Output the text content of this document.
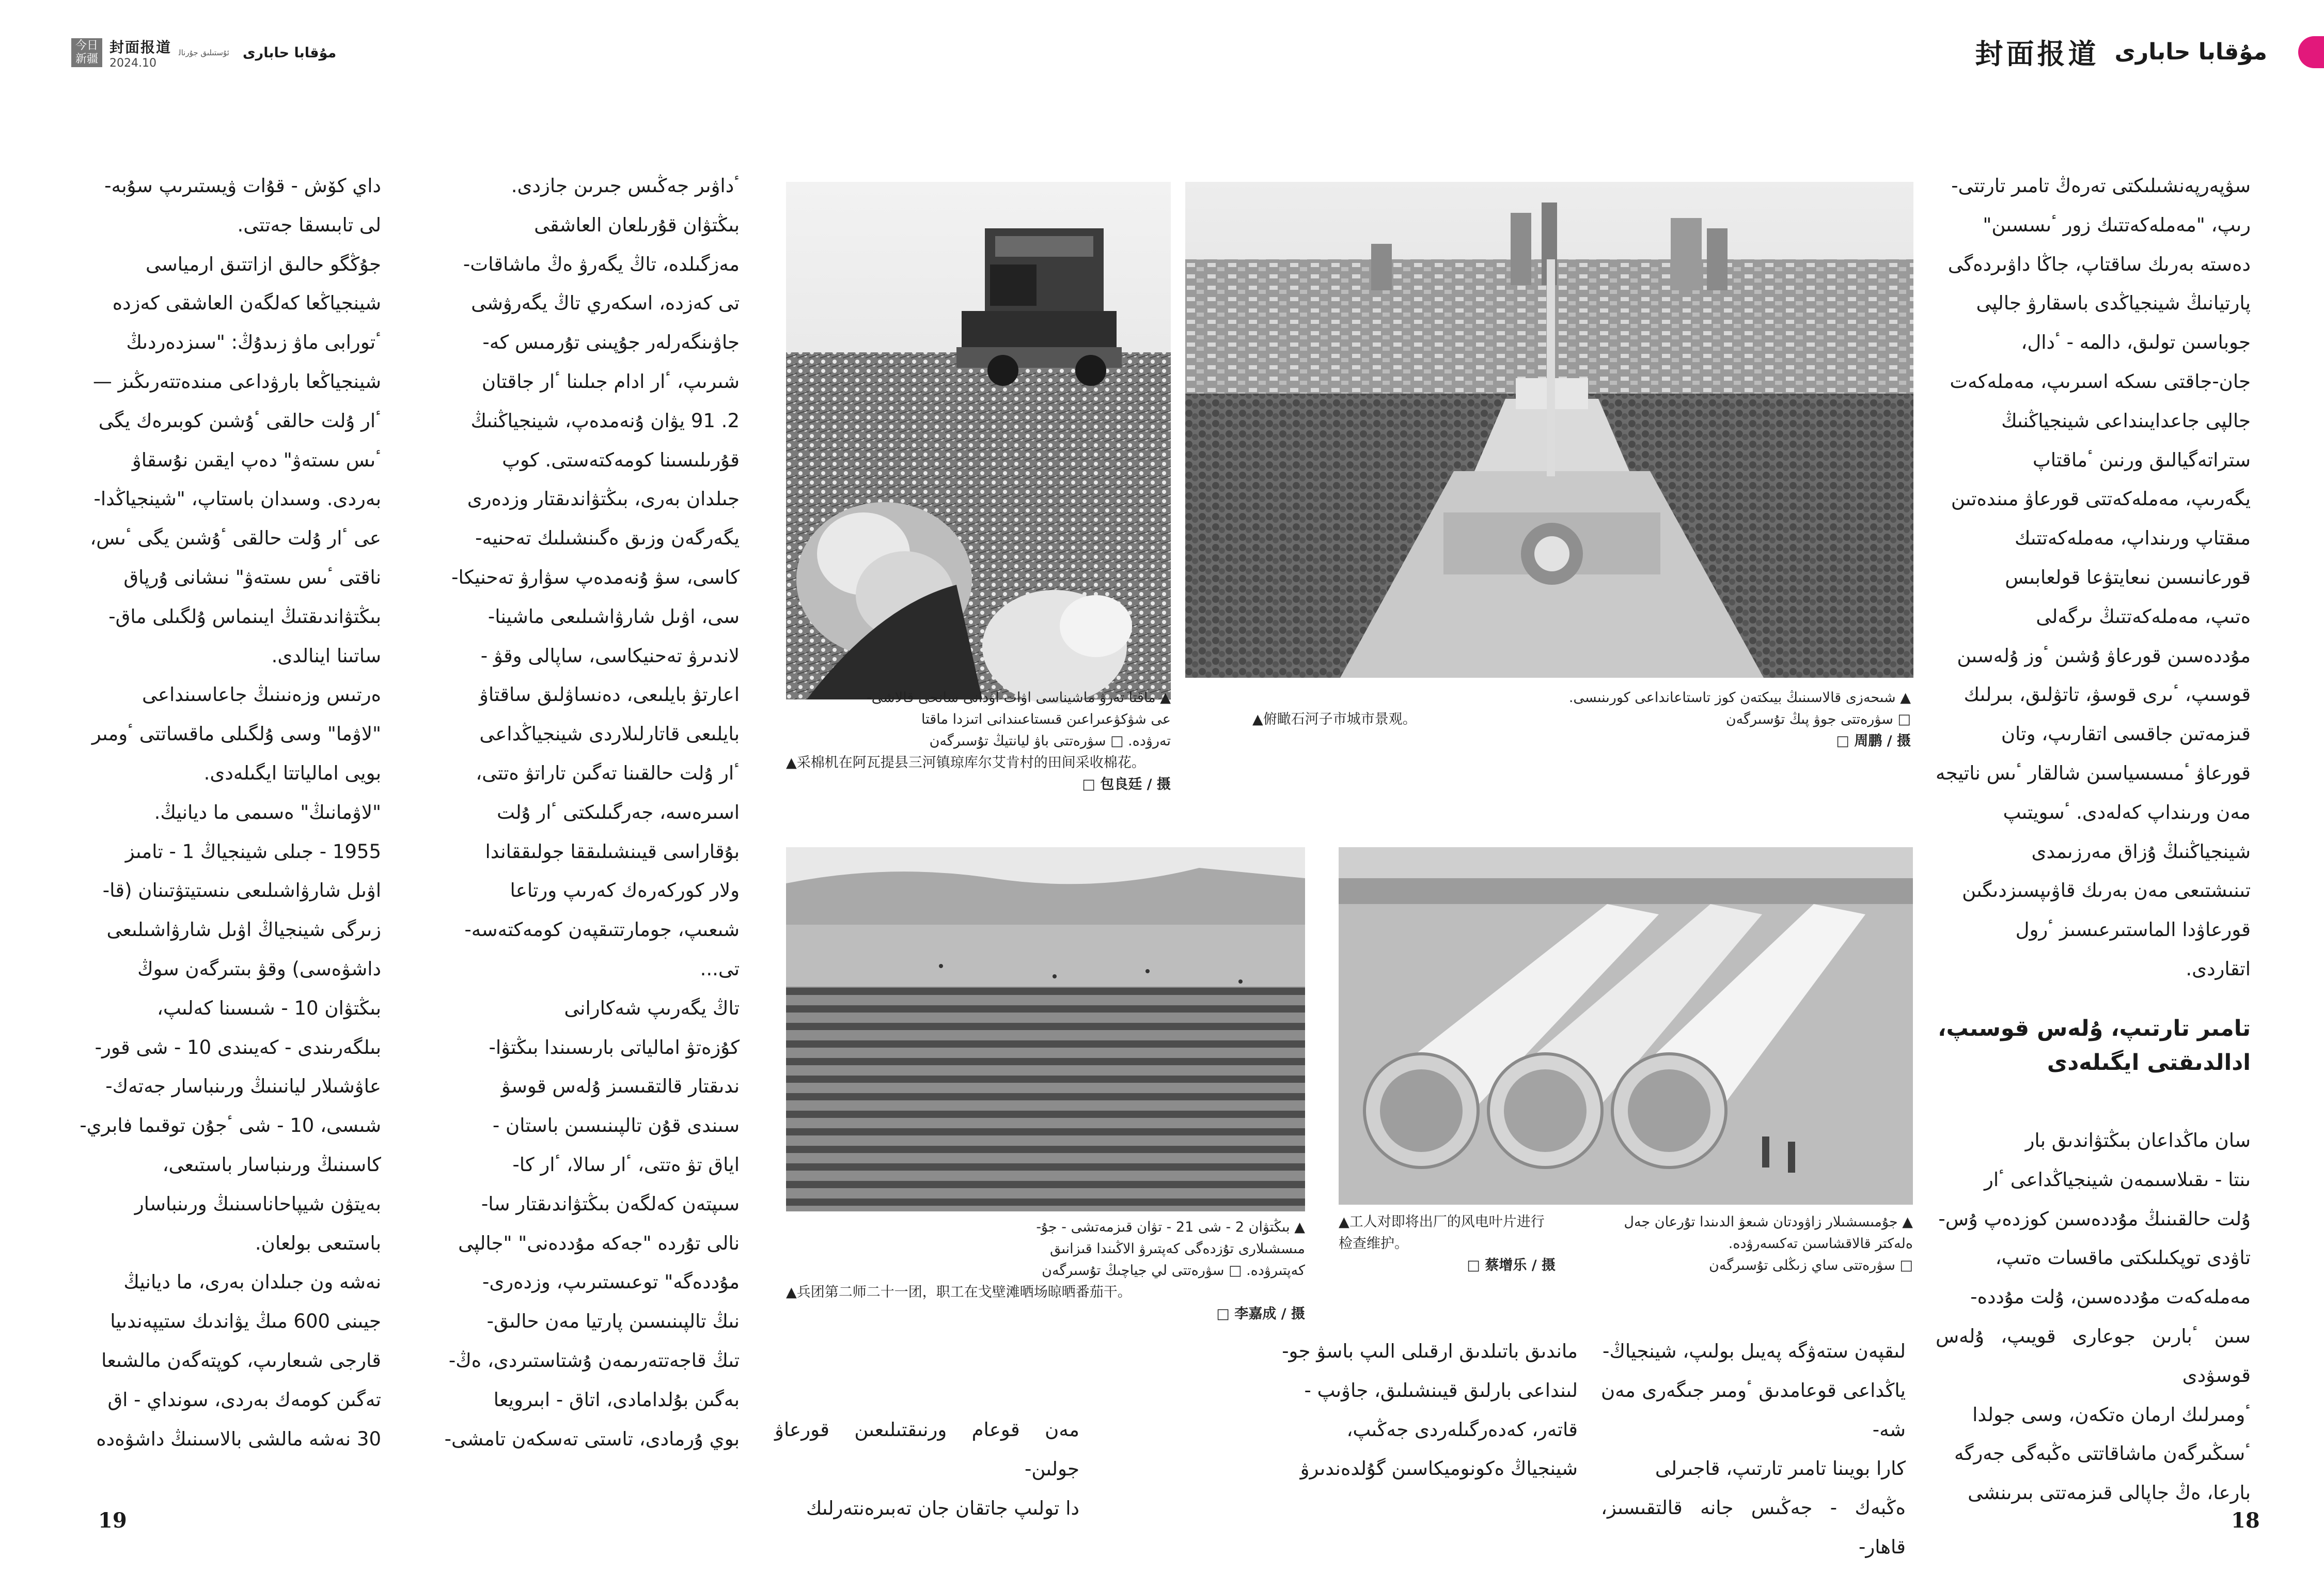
今日新疆
封面报道
2024.10
ﺋﯘﺳﺘﯩﻠﯩﻖ ﺟﯘﺭﻧﺎﻟ ﻣﯘﻗﺎﺑﺎ ﺣﺎﺑﺎﺭﻯ	封面报道 ﻣﯘﻗﺎﺑﺎ ﺣﺎﺑﺎﺭﻯ

ﺩﺍﻱ ﻛﯚﺵ - ﻗﯘﺍﺕ ﯞﻳﺴﺘﯩﺮﯨﭗ ﺳﯘﺑﻪ-

لى تابىسقا جەتتى.

جۇڭگو حالىق ازاتتىق ارمياسى

شينجياڭعا كەلگەن العاشقى كەزدە

ٴتورابى ماۋ زىدۇڭ: "سىزدەردىڭ

شينجياڭعا بارۋداعى مىندەتتەرىڭىز —

ٴار ۇلت حالقى ٴۇشىن كوبىرەك يگى

ٴىس ىستەۋ" دەپ ايقىن نۇسقاۋ

بەردى. وسىدان باستاپ، "شينجياڭدا-

عى ٴار ۇلت حالقى ٴۇشىن يگى ٴىس،

ناقتى ٴىس ىستەۋ" نىشانى ۇرپاق

بىڭتۋاندىقتىڭ ايىنماس ۇلگىلى ماق-

ساتىنا اينالدى.

ەرتىس وزەنىنىڭ جاعاسىنداعى

"لاۋما" وسى ۇلگىلى ماقساتتى ٴومىر

بويى امالياتتا ايگىلەدى.

"لاۋمانىڭ" ەسىمى ما ديانيڭ.

1955 - جىلى شينجياڭ 1 - تامىز

اۋىل شارۋاشىلىعى ىنستيتۋتىنان (قا-

زىرگى شينجياڭ اۋىل شارۋاشىلىعى

داشۋەسى) وقۋ بىتىرگەن سوڭ

بىڭتۋان 10 - شىسىنا كەلىپ،

بىلگەرىندى - كەيىندى 10 - شى قور-

عاۋشىلار ليانىنىڭ ورىنباسار جەتەك-

شىسى، 10 - شى ٴجۇن توقىما فابري-

كاسىنىڭ ورىنباسار باستىعى،

بەيتۋن شيپاحاناسىنىڭ ورىنباسار

باستىعى بولعان.

نەشە ون جىلدان بەرى، ما ديانيڭ

جيىنى 600 مىڭ يۋاندىك ستيپەندىيا

قارجى شىعارىپ، كوپتەگەن مالشىعا

تەگىن كومەك بەردى، سونداي - اق

30 نەشە مالشى بالاسىنىڭ داشۋەدە

ٴداۋىر جەڭىس جىرىن جازدى.

بىڭتۋان قۇرىلعان العاشقى

مەزگىلدە، تاڭ يگەرۋ ەڭ ماشاقات-

تى كەزدە، اسكەري تاڭ يگەرۋشى

جاۋىنگەرلەر جۇپىنى تۇرمىس كە-

شىرىپ، ٴار ادام جىلىنا ٴار جاقتان

2. 91 يۋان ۇنەمدەپ، شينجياڭنىڭ

قۇرىلىسىنا كومەكتەستى. كوپ

جىلدان بەرى، بىڭتۋاندىقتار وزدەرى

يگەرگەن وزىق ەگىنشىلىك تەحنيە-

كاسى، سۋ ۇنەمدەپ سۋارۋ تەحنيكا-

سى، اۋىل شارۋاشىلىعى ماشينا-

لاندىرۋ تەحنيكاسى، ساپالى وقۋ -

اعارتۋ بايلىعى، دەنساۋلىق ساقتاۋ

بايلىعى قاتارلىلاردى شينجياڭداعى

ٴار ۇلت حالقىنا تەگىن تاراتۋ ەتتى،

اسىرەسە، جەرگىلىكتى ٴار ۇلت

بۇقاراسى قيىنشىلىققا جولىققاندا

ولار كوركەرەك كەرىپ ورتاعا

شىعىپ، جومارتتىقپەن كومەكتەسە-

تى...

تاڭ يگەرىپ شەكارانى

كۇزەتۋ امالياتى بارىسىندا بىڭتۋا-

ندىقتار قالتقىسىز ۇلەس قوسۋ

سىندى قۇن تالپىنىسىن باستان -

اياق تۋ ەتتى، ٴار سالا، ٴار كا-

سىپتەن كەلگەن بىڭتۋاندىقتار سا-

نالى تۇردە "جەكە مۇددەنى" "جالپى

مۇددەگە" توعىستىرىپ، وزدەرى-

نىڭ تالپىنىسىن پارتيا مەن حالىق-

تىڭ قاجەتتەرىمەن ۇشتاستىردى، ەڭ-

بەگىن بۇلدامادى، اتاق - ابىرويعا

بوي ۇرمادى، تاستى تەسكەن تامشى- مەن قوعام ورنىقتىلىعىن قورعاۋ جولىن-

دا تولىپ جاتقان جان تەبىرەنتەرلىك

سۋپەرپەنشىلىكتى تەرەڭ تامىر تارتتى-

رىپ، "مەملەكەتتىك زور ٴىسسىن"

دەستە بەرىك ساقتاپ، جاڭا داۋىردەگى

پارتيانىڭ شينجياڭدى باسقارۋ جالپى

جوباسىن تولىق، دالمە - ٴدال،

جان-جاقتى ىسكە اسىرىپ، مەملەكەت

جالپى جاعدايىنداعى شينجياڭنىڭ

ستراتەگيالىق ورنىن ٴماقتاپ

يگەرىپ، مەملەكەتتى قورعاۋ مىندەتىن

مىقتاپ ورىنداپ، مەملەكەتتىك

قورعانىسىن نىعايتۋعا قولعابىس

ەتىپ، مەملەكەتتىڭ ىرگەلى

مۇددەسىن قورعاۋ ۇشىن ٴوز ۇلەسىن

قوسىپ، ٴىرى قوسۋ، تاتۋلىق، بىرلىك

قىزمەتىن جاقسى اتقارىپ، وتان

قورعاۋ ٴمىسسياسىن شالقار ٴىس ناتيجە

مەن ورىنداپ كەلەدى. ٴسويتىپ

شينجياڭنىڭ ۇزاق مەرزىمدى

تىنىشتىعى مەن بەرىك قاۋىپسىزدىگىن

قورعاۋدا الماستىرعىسىز ٴرول

اتقاردى.

تامىر تارتىپ، ۇلەس قوسىپ،

ادالدىقتى ايگىلەدى

سان ماڭداعان بىڭتۋاندىق بار

ىنتا - ىقىلاسىمەن شينجياڭداعى ٴار

ۇلت حالقىنىڭ مۇددەسىن كوزدەپ ۇس-

تاۋدى توپكىلىكتى ماقسات ەتىپ،

مەملەكەت مۇددەسىن، ۇلت مۇددە-

سىن ٴبارىن جوعارى قويىپ، ۇلەس قوسۋدى

ٴومىرلىك ارمان ەتكەن، وسى جولدا

ٴسىڭىرگەن ماشاقاتتى ەڭبەگى جەرگە

بارعا، ەڭ جاپالى قىزمەتتى بىرىنشى

لىقپەن ستەۋگە پەيىل بولىپ، شينجياڭ-

ياڭداعى قوعامدىق ٴومىر جىگەرى مەن شە-

كارا بويىنا تامىر تارتىپ، قاجىرلى

ەڭبەك - جەڭىس جانە قالتقىسىز، قاھار-

ماندىق باتىلدىق ارقىلى الىپ باسۋ جو-

لىنداعى بارلىق قيىنشىلىق، جاۋىپ -

قاتەر، كەدەرگىلەردى جەڭىپ،

شينجياڭ ەكونوميكاسىن گۇلدەندىرۋ

▲ شىحەزى قالاسىنىڭ بيىكتەن كوز تاستاعانداعى كورىنىسى.
▲俯瞰石河子市城市景观。	□ سۋرەتتى جوۋ پىڭ تۇسىرگەن
□ 周鹏 / 摄
▲ ماقتا تەرۋ ماشيناسى اۋات اۋدانى سانحى قالاشى-
عى شۋكۋعىراعىن قىستاعىندانى اتىزدا ماقتا
تەرۋدە. □ سۋرەتتى باۋ ليانتيڭ تۇسىرگەن
▲采棉机在阿瓦提县三河镇琼库尔艾肯村的田间采收棉花。
□ 包良廷 / 摄
▲ بىڭتۋان 2 - شى 21 - تۋان قىزمەتشى - جۇ-
مىسشىلارى تۇزدەگى كەپتىرۋ الاڭىندا قىزانىق
كەپتىرۋدە. □ سۋرەتتى لي جياچىڭ تۇسىرگەن
▲兵团第二师二十一团，职工在戈壁滩晒场晾晒番茄干。
□ 李嘉成 / 摄
▲工人对即将出厂的风电叶片进行检查维护。
□ 蔡增乐 / 摄
▲ جۇمىسشىلار زاۋودتان شىعۋ الدىندا تۇرعان جەل
ەلەكتر قالاقشاسىن تەكسەرۋدە.
□ سۋرەتتى ساي زىڭلى تۇسىرگەن
19	18
